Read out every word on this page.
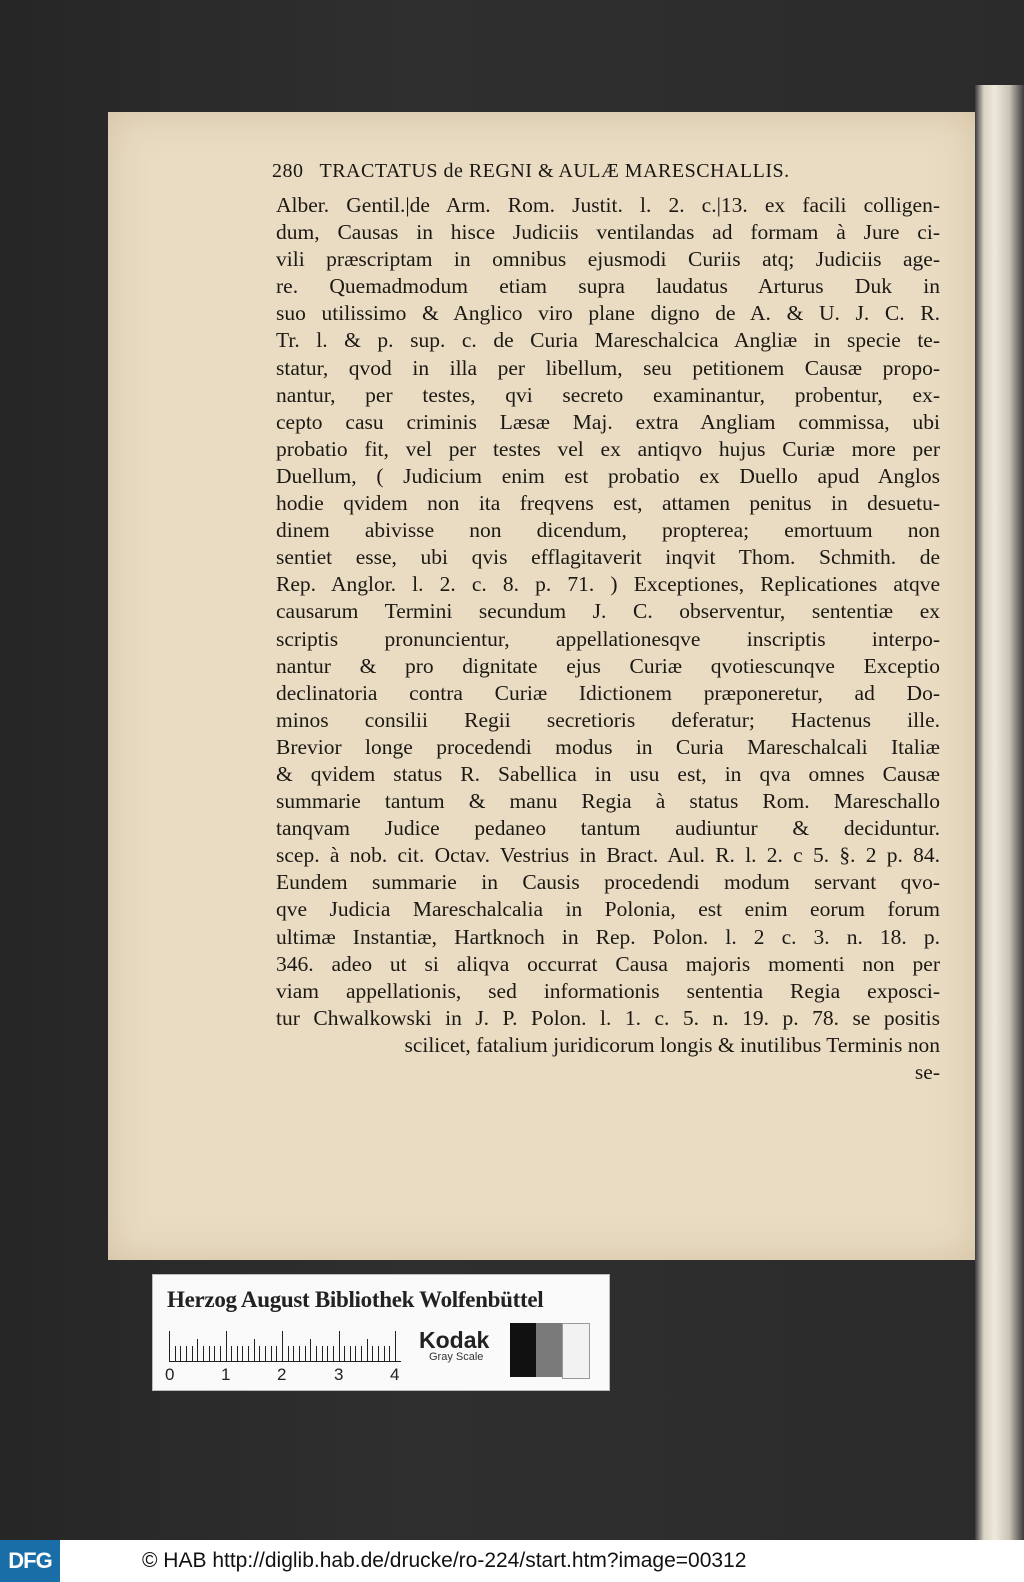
280 TRACTATUS de REGNI & AULÆ MARESCHALLIS.
Alber. Gentil.|de Arm. Rom. Justit. l. 2. c.|13. ex facili colligen-
dum, Causas in hisce Judiciis ventilandas ad formam à Jure ci-
vili præscriptam in omnibus ejusmodi Curiis atq; Judiciis age-
re. Quemadmodum etiam supra laudatus Arturus Duk in
suo utilissimo & Anglico viro plane digno de A. & U. J. C. R.
Tr. l. & p. sup. c. de Curia Mareschalcica Angliæ in specie te-
statur, qvod in illa per libellum, seu petitionem Causæ propo-
nantur, per testes, qvi secreto examinantur, probentur, ex-
cepto casu criminis Læsæ Maj. extra Angliam commissa, ubi
probatio fit, vel per testes vel ex antiqvo hujus Curiæ more per
Duellum, ( Judicium enim est probatio ex Duello apud Anglos
hodie qvidem non ita freqvens est, attamen penitus in desuetu-
dinem abivisse non dicendum, propterea; emortuum non
sentiet esse, ubi qvis efflagitaverit inqvit Thom. Schmith. de
Rep. Anglor. l. 2. c. 8. p. 71. ) Exceptiones, Replicationes atqve
causarum Termini secundum J. C. observentur, sententiæ ex
scriptis pronuncientur, appellationesqve inscriptis interpo-
nantur & pro dignitate ejus Curiæ qvotiescunqve Exceptio
declinatoria contra Curiæ Idictionem præponeretur, ad Do-
minos consilii Regii secretioris deferatur; Hactenus ille.
Brevior longe procedendi modus in Curia Mareschalcali Italiæ
& qvidem status R. Sabellica in usu est, in qva omnes Causæ
summarie tantum & manu Regia à status Rom. Mareschallo
tanqvam Judice pedaneo tantum audiuntur & deciduntur.
scep. à nob. cit. Octav. Vestrius in Bract. Aul. R. l. 2. c 5. §. 2 p. 84.
Eundem summarie in Causis procedendi modum servant qvo-
qve Judicia Mareschalcalia in Polonia, est enim eorum forum
ultimæ Instantiæ, Hartknoch in Rep. Polon. l. 2 c. 3. n. 18. p.
346. adeo ut si aliqva occurrat Causa majoris momenti non per
viam appellationis, sed informationis sententia Regia exposci-
tur Chwalkowski in J. P. Polon. l. 1. c. 5. n. 19. p. 78. se positis
scilicet, fatalium juridicorum longis & inutilibus Terminis non
se-
Herzog August Bibliothek Wolfenbüttel
0	1	2	3	4
Kodak
Gray Scale
DFG	© HAB http://diglib.hab.de/drucke/ro-224/start.htm?image=00312
